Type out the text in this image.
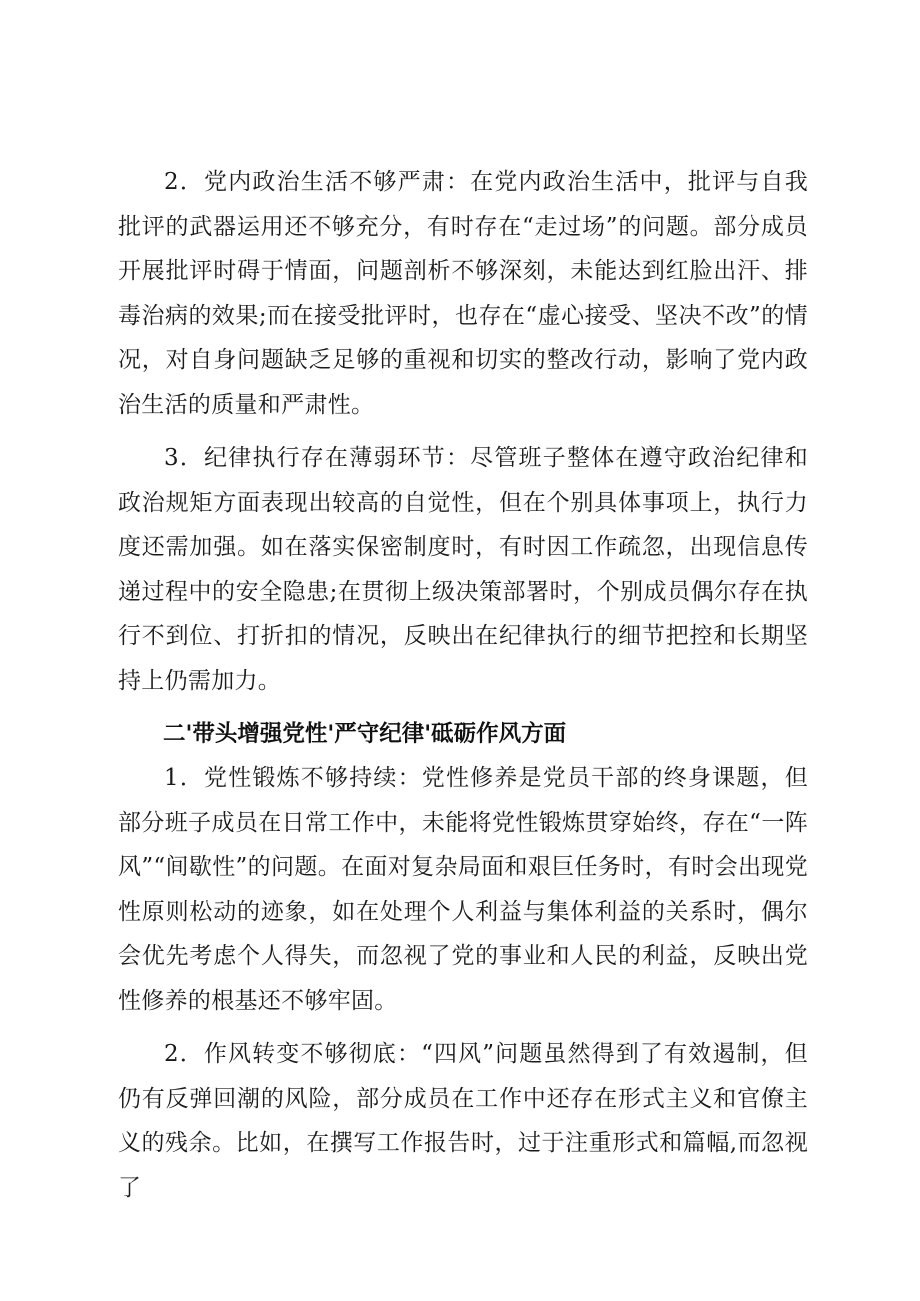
2．党内政治生活不够严肃：在党内政治生活中，批评与自我批评的武器运用还不够充分，有时存在“走过场”的问题。部分成员开展批评时碍于情面，问题剖析不够深刻，未能达到红脸出汗、排毒治病的效果;而在接受批评时，也存在“虚心接受、坚决不改”的情况，对自身问题缺乏足够的重视和切实的整改行动，影响了党内政治生活的质量和严肃性。

3．纪律执行存在薄弱环节：尽管班子整体在遵守政治纪律和政治规矩方面表现出较高的自觉性，但在个别具体事项上，执行力度还需加强。如在落实保密制度时，有时因工作疏忽，出现信息传递过程中的安全隐患;在贯彻上级决策部署时，个别成员偶尔存在执行不到位、打折扣的情况，反映出在纪律执行的细节把控和长期坚持上仍需加力。

二'带头增强党性'严守纪律'砥砺作风方面

1．党性锻炼不够持续：党性修养是党员干部的终身课题，但部分班子成员在日常工作中，未能将党性锻炼贯穿始终，存在“一阵风”“间歇性”的问题。在面对复杂局面和艰巨任务时，有时会出现党性原则松动的迹象，如在处理个人利益与集体利益的关系时，偶尔会优先考虑个人得失，而忽视了党的事业和人民的利益，反映出党性修养的根基还不够牢固。

2．作风转变不够彻底：“四风”问题虽然得到了有效遏制，但仍有反弹回潮的风险，部分成员在工作中还存在形式主义和官僚主义的残余。比如，在撰写工作报告时，过于注重形式和篇幅,而忽视了
